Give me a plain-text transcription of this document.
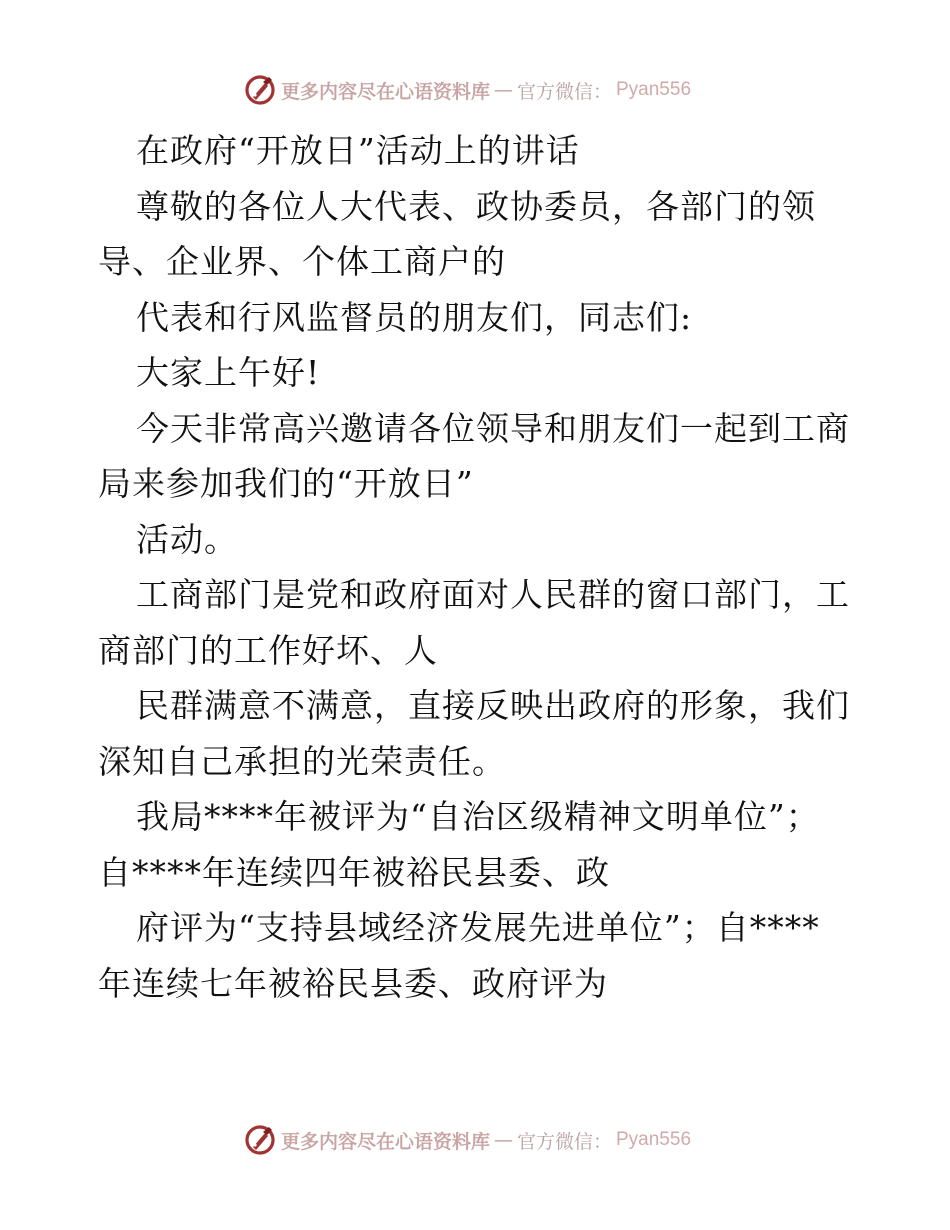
更多内容尽在心语资料库 — 官方微信： Pyan556
在政府“开放日”活动上的讲话
尊敬的各位人大代表、政协委员，各部门的领
导、企业界、个体工商户的
代表和行风监督员的朋友们，同志们:
大家上午好!
今天非常高兴邀请各位领导和朋友们一起到工商
局来参加我们的“开放日”
活动。
工商部门是党和政府面对人民群的窗口部门，工
商部门的工作好坏、人
民群满意不满意，直接反映出政府的形象，我们
深知自己承担的光荣责任。
我局****年被评为“自治区级精神文明单位”；
自****年连续四年被裕民县委、政
府评为“支持县域经济发展先进单位”；自****
年连续七年被裕民县委、政府评为
更多内容尽在心语资料库 — 官方微信： Pyan556
